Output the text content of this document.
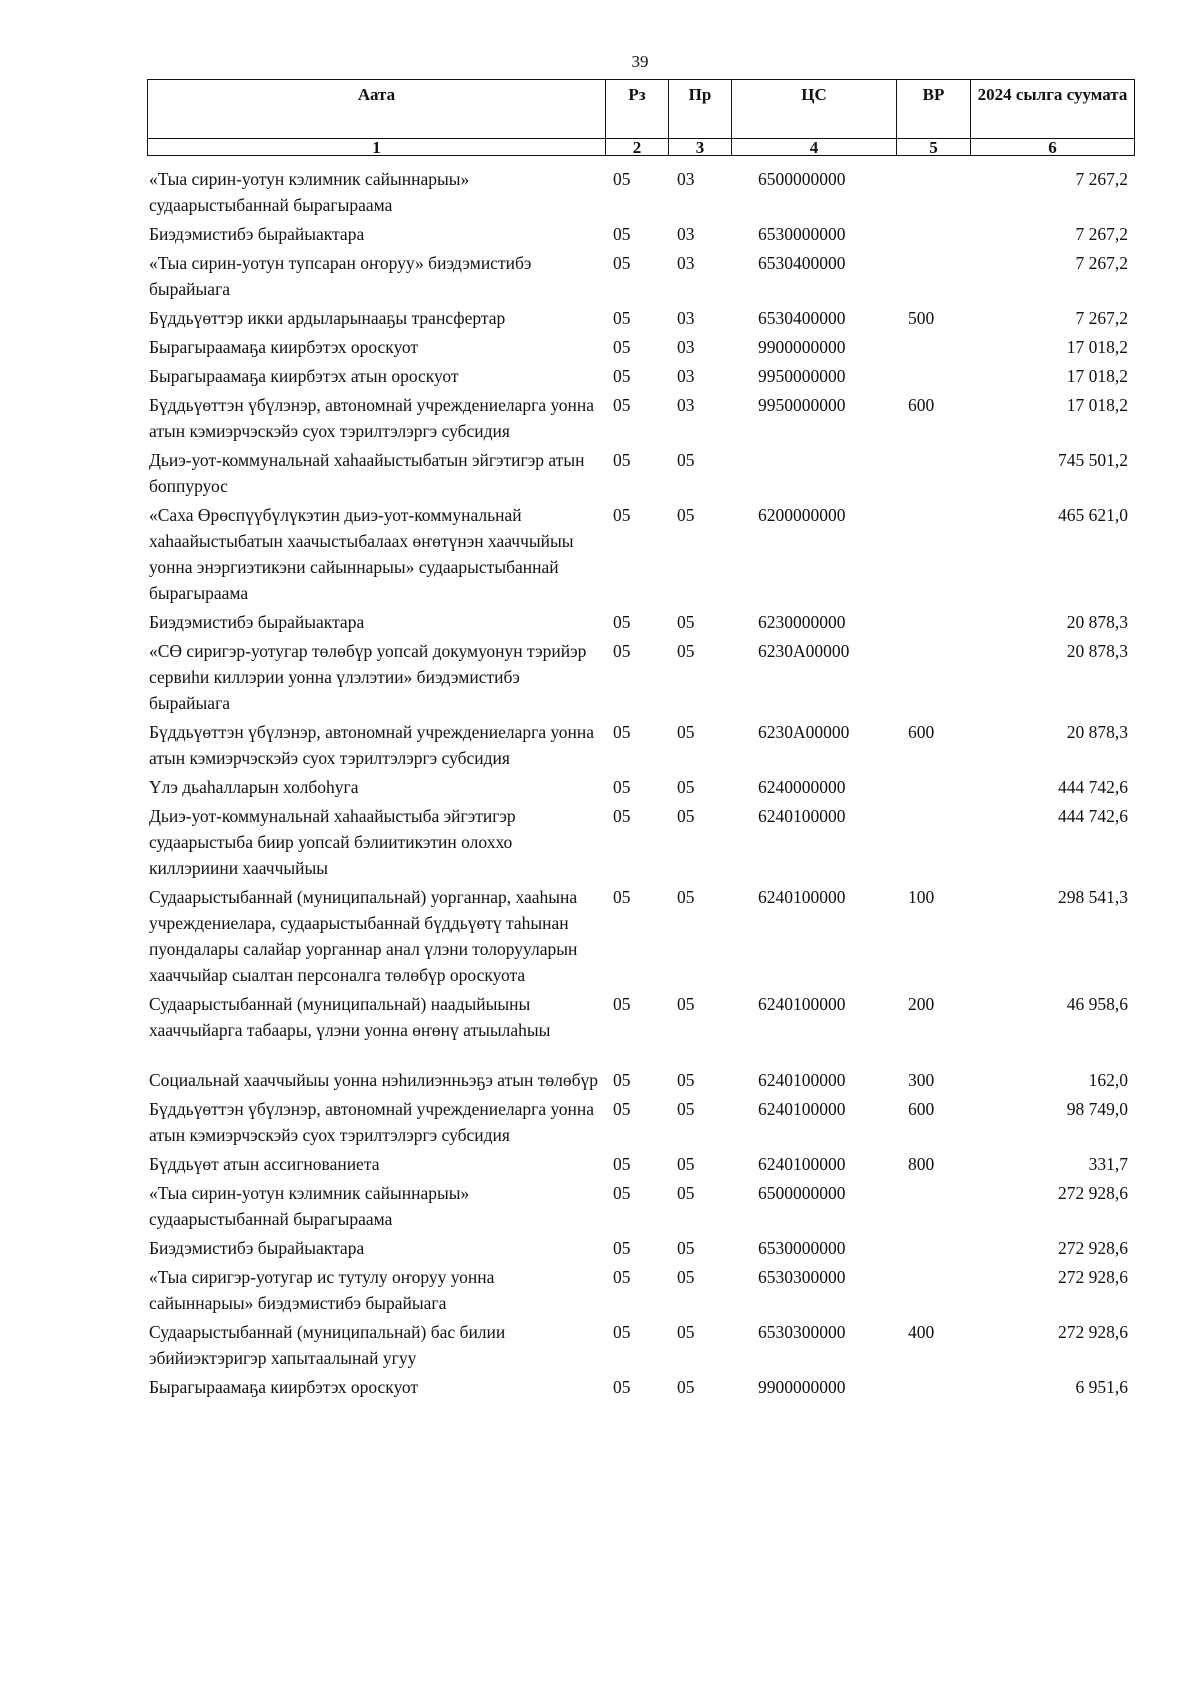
39
Аата	Рз	Пр	ЦС	ВР	2024 сылга суумата
1	2	3	4	5	6
«Тыа сирин-уотун кэлимник сайыннарыы» судаарыстыбаннай бырагыраама	05	03	6500000000		7 267,2
Биэдэмистибэ бырайыактара	05	03	6530000000		7 267,2
«Тыа сирин-уотун тупсаран оҥоруу» биэдэмистибэ бырайыага	05	03	6530400000		7 267,2
Бүддьүөттэр икки ардыларынааҕы трансфертар	05	03	6530400000	500	7 267,2
Бырагыраамаҕа киирбэтэх ороскуот	05	03	9900000000		17 018,2
Бырагыраамаҕа киирбэтэх атын ороскуот	05	03	9950000000		17 018,2
Бүддьүөттэн үбүлэнэр, автономнай учреждениеларга уонна атын кэмиэрчэскэйэ суох тэрилтэлэргэ субсидия	05	03	9950000000	600	17 018,2
Дьиэ-уот-коммунальнай хаһаайыстыбатын эйгэтигэр атын боппуруос	05	05			745 501,2
«Саха Өрөспүүбүлүкэтин дьиэ-уот-коммунальнай хаһаайыстыбатын хаачыстыбалаах өҥөтүнэн хааччыйыы уонна энэргиэтикэни сайыннарыы» судаарыстыбаннай бырагыраама	05	05	6200000000		465 621,0
Биэдэмистибэ бырайыактара	05	05	6230000000		20 878,3
«СӨ сиригэр-уотугар төлөбүр уопсай докумуонун тэрийэр сервиһи киллэрии уонна үлэлэтии» биэдэмистибэ бырайыага	05	05	6230A00000		20 878,3
Бүддьүөттэн үбүлэнэр, автономнай учреждениеларга уонна атын кэмиэрчэскэйэ суох тэрилтэлэргэ субсидия	05	05	6230A00000	600	20 878,3
Үлэ дьаһалларын холбоһуга	05	05	6240000000		444 742,6
Дьиэ-уот-коммунальнай хаһаайыстыба эйгэтигэр судаарыстыба биир уопсай бэлиитикэтин олоххо киллэриини хааччыйыы	05	05	6240100000		444 742,6
Судаарыстыбаннай (муниципальнай) уорганнар, хааһына учреждениелара, судаарыстыбаннай бүддьүөтү таһынан пуондалары салайар уорганнар анал үлэни толорууларын хааччыйар сыалтан персоналга төлөбүр ороскуота	05	05	6240100000	100	298 541,3
Судаарыстыбаннай (муниципальнай) наадыйыыны хааччыйарга табаары, үлэни уонна өҥөнү атыылаһыы	05	05	6240100000	200	46 958,6
Социальнай хааччыйыы уонна нэһилиэнньэҕэ атын төлөбүр	05	05	6240100000	300	162,0
Бүддьүөттэн үбүлэнэр, автономнай учреждениеларга уонна атын кэмиэрчэскэйэ суох тэрилтэлэргэ субсидия	05	05	6240100000	600	98 749,0
Бүддьүөт атын ассигнованиета	05	05	6240100000	800	331,7
«Тыа сирин-уотун кэлимник сайыннарыы» судаарыстыбаннай бырагыраама	05	05	6500000000		272 928,6
Биэдэмистибэ бырайыактара	05	05	6530000000		272 928,6
«Тыа сиригэр-уотугар ис тутулу оҥоруу уонна сайыннарыы» биэдэмистибэ бырайыага	05	05	6530300000		272 928,6
Судаарыстыбаннай (муниципальнай) бас билии эбийиэктэригэр хапытаалынай угуу	05	05	6530300000	400	272 928,6
Бырагыраамаҕа киирбэтэх ороскуот	05	05	9900000000		6 951,6
